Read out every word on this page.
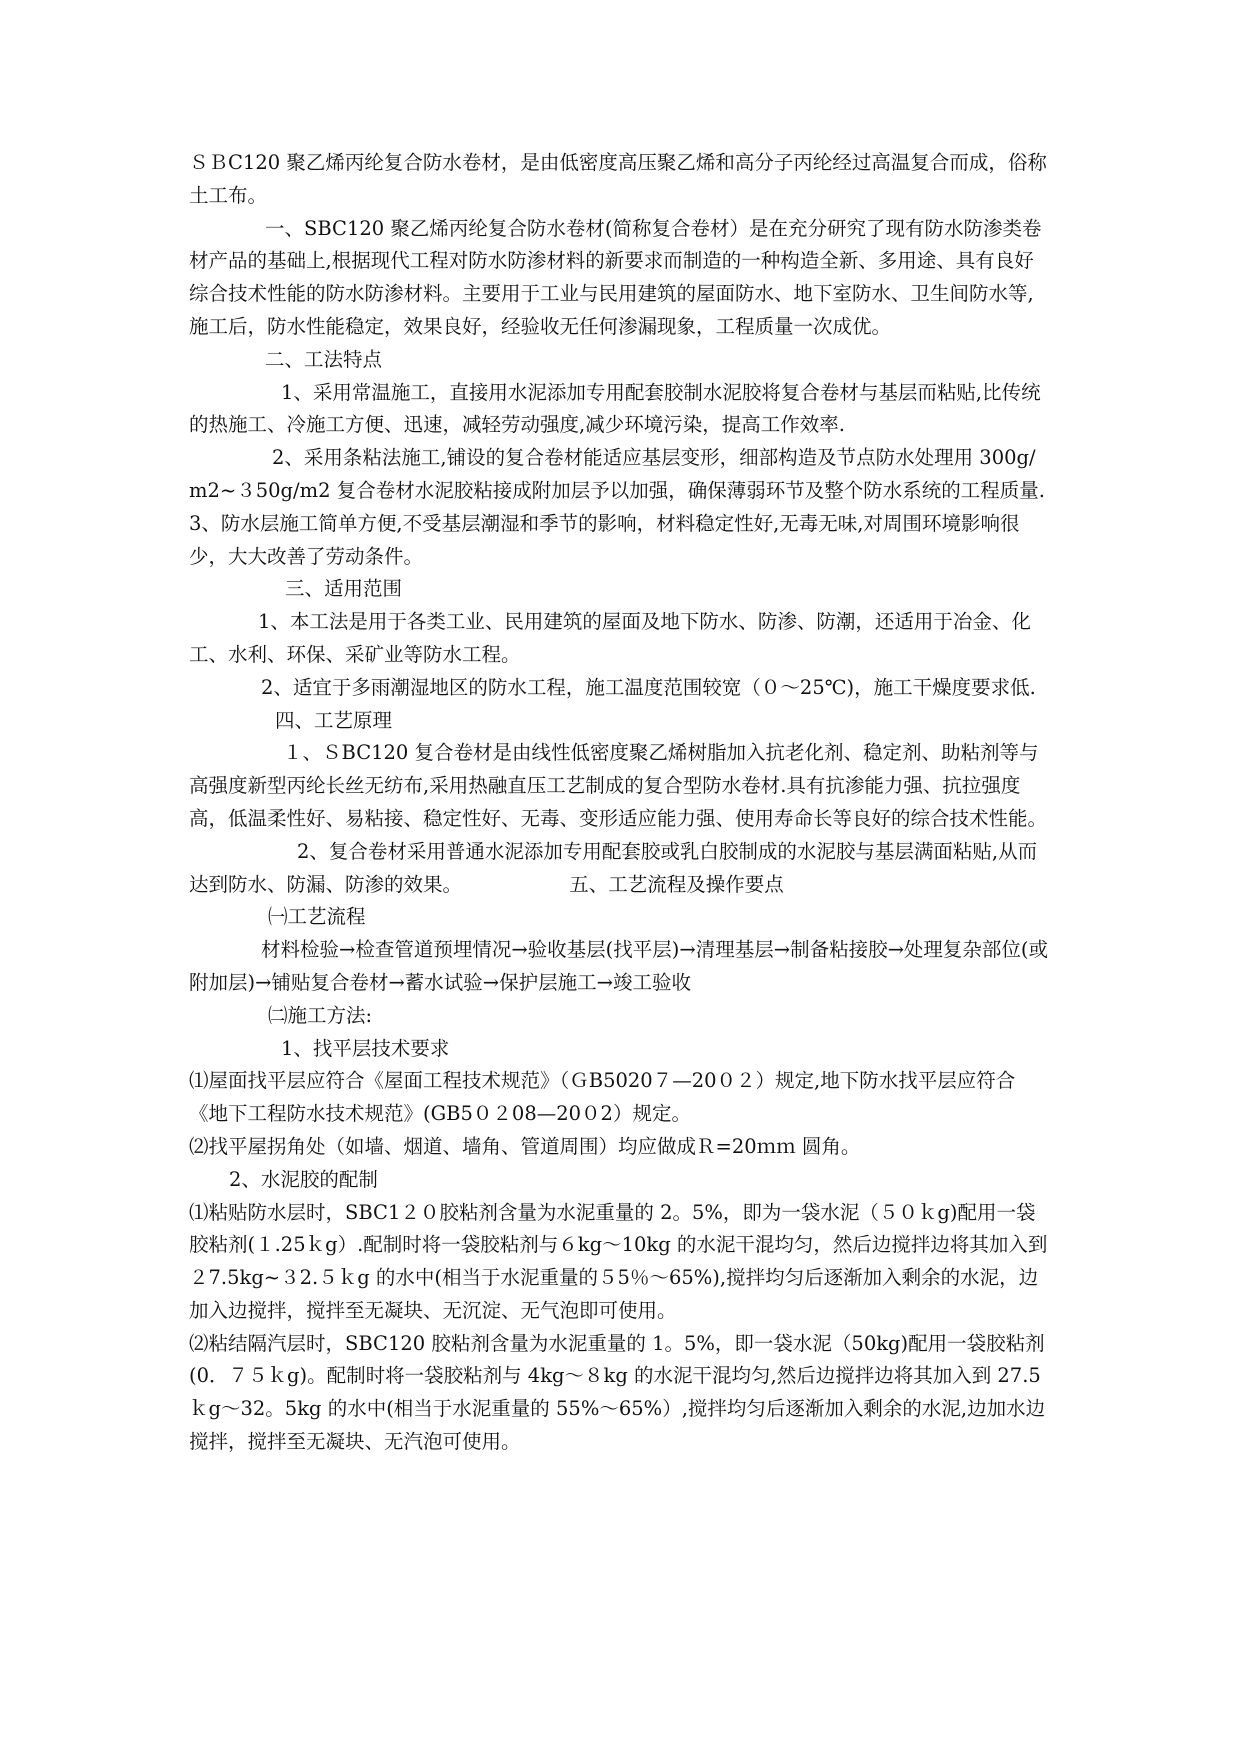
ＳＢC120 聚乙烯丙纶复合防水卷材，是由低密度高压聚乙烯和高分子丙纶经过高温复合而成，俗称土工布。

一、SBC120 聚乙烯丙纶复合防水卷材(简称复合卷材）是在充分研究了现有防水防渗类卷材产品的基础上,根据现代工程对防水防渗材料的新要求而制造的一种构造全新、多用途、具有良好综合技术性能的防水防渗材料。主要用于工业与民用建筑的屋面防水、地下室防水、卫生间防水等,施工后，防水性能稳定，效果良好，经验收无任何渗漏现象，工程质量一次成优。

二、工法特点

1、采用常温施工，直接用水泥添加专用配套胶制水泥胶将复合卷材与基层而粘贴,比传统的热施工、冷施工方便、迅速，减轻劳动强度,减少环境污染，提高工作效率.

2、采用条粘法施工,铺设的复合卷材能适应基层变形，细部构造及节点防水处理用 300g/m2~３50g/m2 复合卷材水泥胶粘接成附加层予以加强，确保薄弱环节及整个防水系统的工程质量.

3、防水层施工简单方便,不受基层潮湿和季节的影响，材料稳定性好,无毒无味,对周围环境影响很少，大大改善了劳动条件。

三、适用范围

1、本工法是用于各类工业、民用建筑的屋面及地下防水、防渗、防潮，还适用于冶金、化工、水利、环保、采矿业等防水工程。

2、适宜于多雨潮湿地区的防水工程，施工温度范围较宽（０～25℃)，施工干燥度要求低.

四、工艺原理

１、ＳBC120 复合卷材是由线性低密度聚乙烯树脂加入抗老化剂、稳定剂、助粘剂等与高强度新型丙纶长丝无纺布,采用热融直压工艺制成的复合型防水卷材.具有抗渗能力强、抗拉强度高，低温柔性好、易粘接、稳定性好、无毒、变形适应能力强、使用寿命长等良好的综合技术性能。

2、复合卷材采用普通水泥添加专用配套胶或乳白胶制成的水泥胶与基层满面粘贴,从而达到防水、防漏、防渗的效果。　　　　　　五、工艺流程及操作要点

㈠工艺流程

材料检验→检查管道预埋情况→验收基层(找平层)→清理基层→制备粘接胶→处理复杂部位(或附加层)→铺贴复合卷材→蓄水试验→保护层施工→竣工验收

㈡施工方法:

1、找平层技术要求

⑴屋面找平层应符合《屋面工程技术规范》（ＧB5020７—20０２）规定,地下防水找平层应符合《地下工程防水技术规范》(GB5０２08—20０2）规定。

⑵找平屋拐角处（如墙、烟道、墙角、管道周围）均应做成Ｒ=20ｍｍ 圆角。

2、水泥胶的配制

⑴粘贴防水层时，SBC1２０胶粘剂含量为水泥重量的 2。5%，即为一袋水泥（５０ｋg)配用一袋胶粘剂(１.25ｋg）.配制时将一袋胶粘剂与６kg～10kg 的水泥干混均匀，然后边搅拌边将其加入到２7.5kg~３2.５ｋg 的水中(相当于水泥重量的５5％～65%),搅拌均匀后逐渐加入剩余的水泥，边加入边搅拌，搅拌至无凝块、无沉淀、无气泡即可使用。

⑵粘结隔汽层时，SBC120 胶粘剂含量为水泥重量的 1。5%，即一袋水泥（50kg)配用一袋胶粘剂(0．７５ｋg)。配制时将一袋胶粘剂与 4kg～８kg 的水泥干混均匀,然后边搅拌边将其加入到 27.5ｋg～32。5kg 的水中(相当于水泥重量的 55%～65%）,搅拌均匀后逐渐加入剩余的水泥,边加水边搅拌，搅拌至无凝块、无汽泡可使用。
